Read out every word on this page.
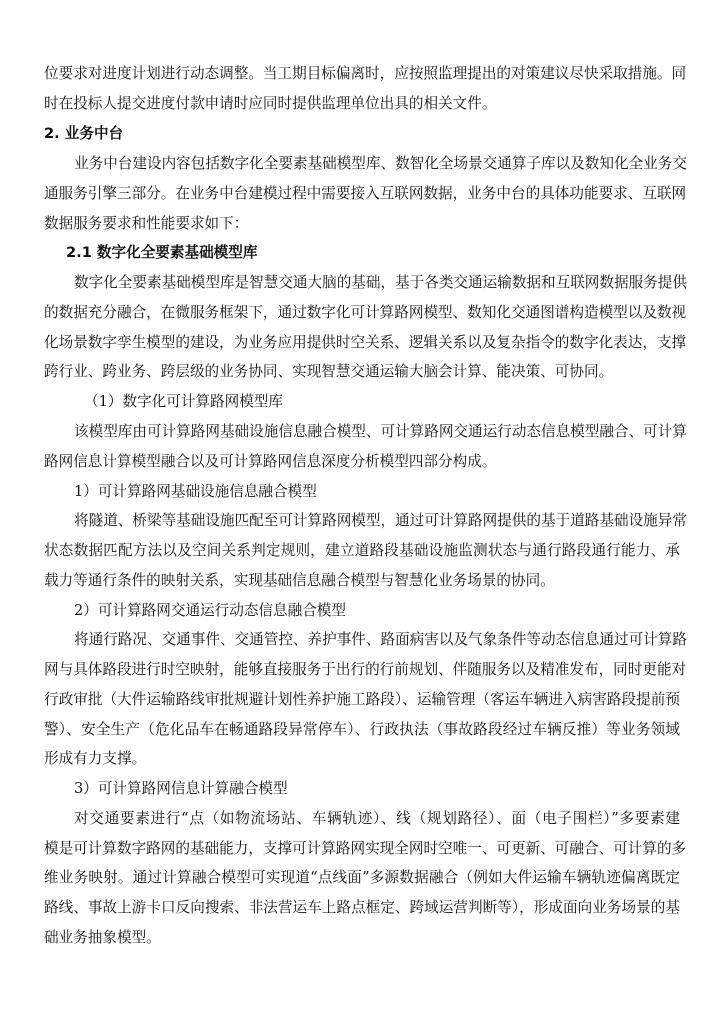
位要求对进度计划进行动态调整。当工期目标偏离时，应按照监理提出的对策建议尽快采取措施。同
时在投标人提交进度付款申请时应同时提供监理单位出具的相关文件。
2. 业务中台
业务中台建设内容包括数字化全要素基础模型库、数智化全场景交通算子库以及数知化全业务交
通服务引擎三部分。在业务中台建模过程中需要接入互联网数据，业务中台的具体功能要求、互联网
数据服务要求和性能要求如下：
2.1 数字化全要素基础模型库
数字化全要素基础模型库是智慧交通大脑的基础，基于各类交通运输数据和互联网数据服务提供
的数据充分融合，在微服务框架下，通过数字化可计算路网模型、数知化交通图谱构造模型以及数视
化场景数字孪生模型的建设，为业务应用提供时空关系、逻辑关系以及复杂指令的数字化表达，支撑
跨行业、跨业务、跨层级的业务协同、实现智慧交通运输大脑会计算、能决策、可协同。
（1）数字化可计算路网模型库
该模型库由可计算路网基础设施信息融合模型、可计算路网交通运行动态信息模型融合、可计算
路网信息计算模型融合以及可计算路网信息深度分析模型四部分构成。
1）可计算路网基础设施信息融合模型
将隧道、桥梁等基础设施匹配至可计算路网模型，通过可计算路网提供的基于道路基础设施异常
状态数据匹配方法以及空间关系判定规则，建立道路段基础设施监测状态与通行路段通行能力、承
载力等通行条件的映射关系，实现基础信息融合模型与智慧化业务场景的协同。
2）可计算路网交通运行动态信息融合模型
将通行路况、交通事件、交通管控、养护事件、路面病害以及气象条件等动态信息通过可计算路
网与具体路段进行时空映射，能够直接服务于出行的行前规划、伴随服务以及精准发布，同时更能对
行政审批（大件运输路线审批规避计划性养护施工路段）、运输管理（客运车辆进入病害路段提前预
警）、安全生产（危化品车在畅通路段异常停车）、行政执法（事故路段经过车辆反推）等业务领域
形成有力支撑。
3）可计算路网信息计算融合模型
对交通要素进行“点（如物流场站、车辆轨迹）、线（规划路径）、面（电子围栏）”多要素建
模是可计算数字路网的基础能力，支撑可计算路网实现全网时空唯一、可更新、可融合、可计算的多
维业务映射。通过计算融合模型可实现道“点线面”多源数据融合（例如大件运输车辆轨迹偏离既定
路线、事故上游卡口反向搜索、非法营运车上路点框定、跨域运营判断等），形成面向业务场景的基
础业务抽象模型。
